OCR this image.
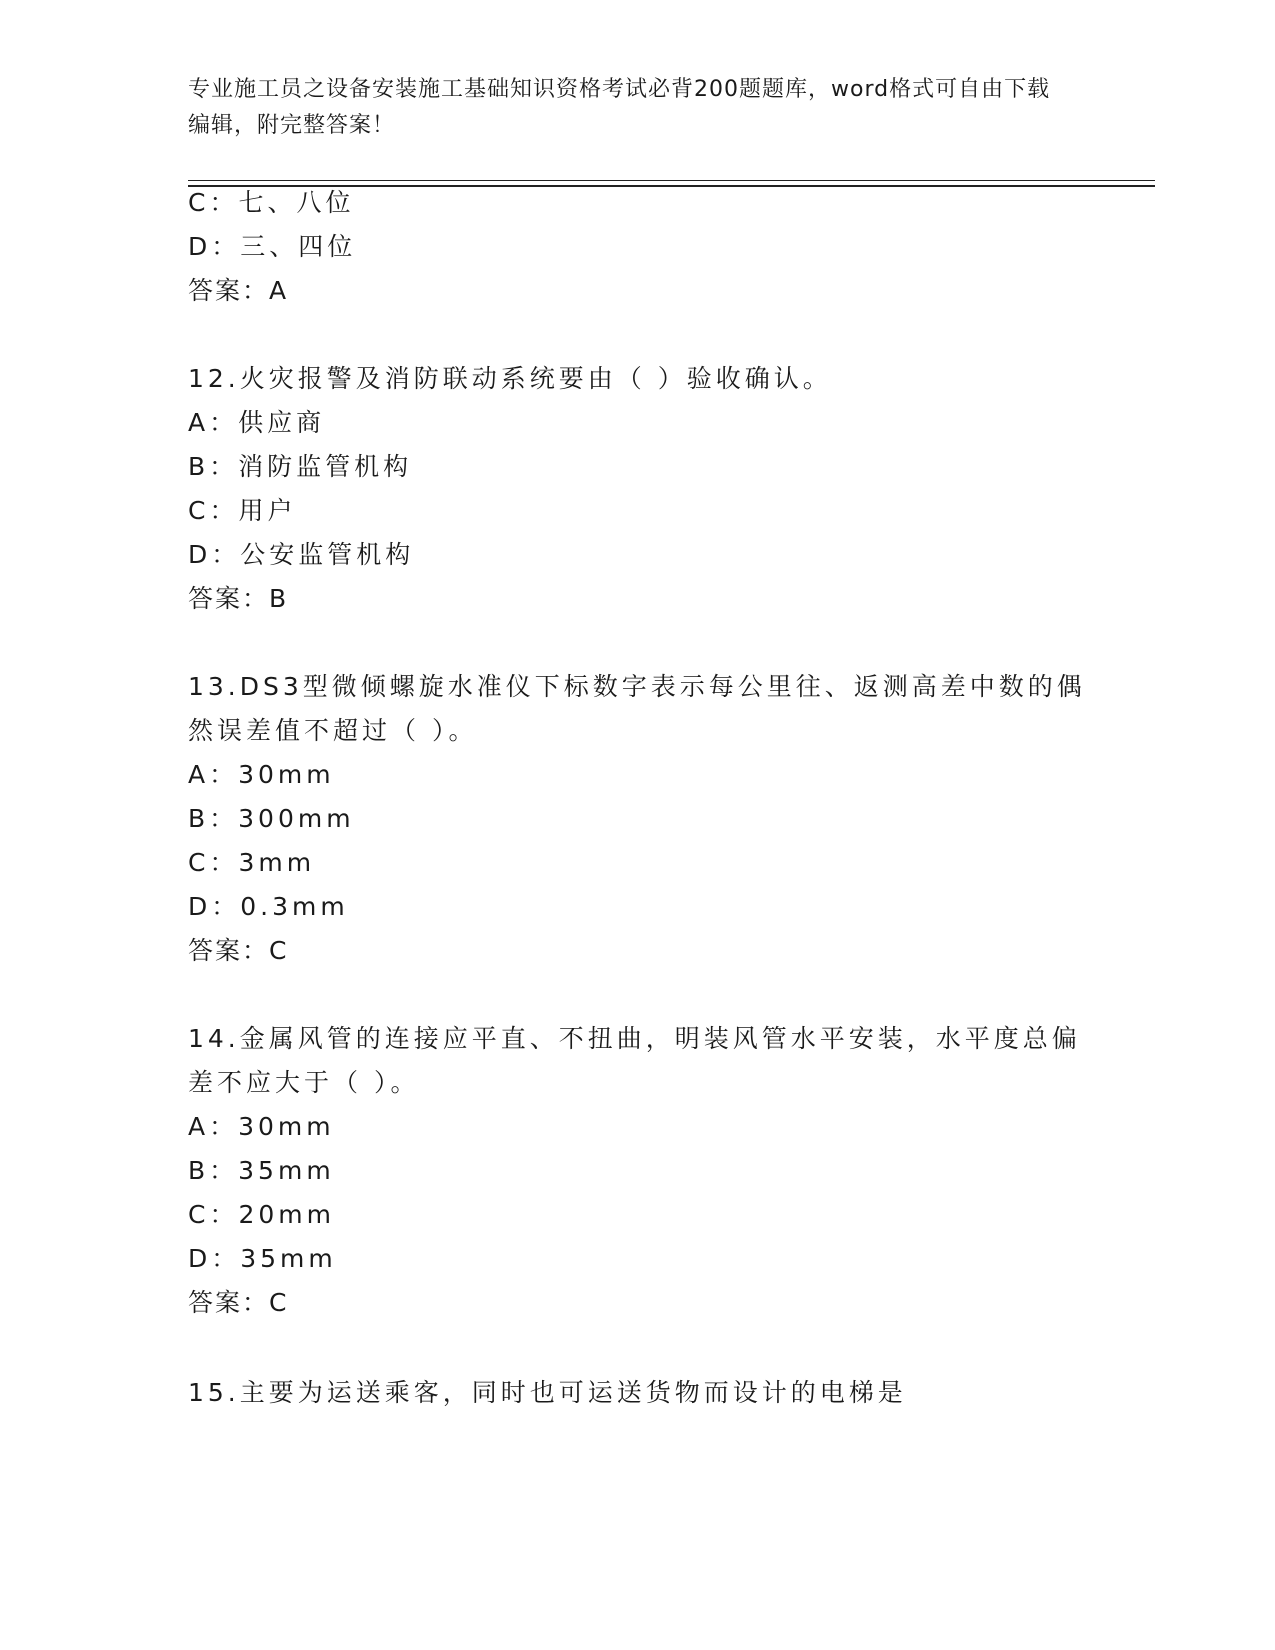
专业施工员之设备安装施工基础知识资格考试必背200题题库，word格式可自由下载编辑，附完整答案！
C：七、八位
D：三、四位
答案：A
12.火灾报警及消防联动系统要由（ ）验收确认。
A：供应商
B：消防监管机构
C：用户
D：公安监管机构
答案：B
13.DS3型微倾螺旋水准仪下标数字表示每公里往、返测高差中数的偶
然误差值不超过（ ）。
A：30mm
B：300mm
C：3mm
D：0.3mm
答案：C
14.金属风管的连接应平直、不扭曲，明装风管水平安装，水平度总偏
差不应大于（ ）。
A：30mm
B：35mm
C：20mm
D：35mm
答案：C
15.主要为运送乘客，同时也可运送货物而设计的电梯是
